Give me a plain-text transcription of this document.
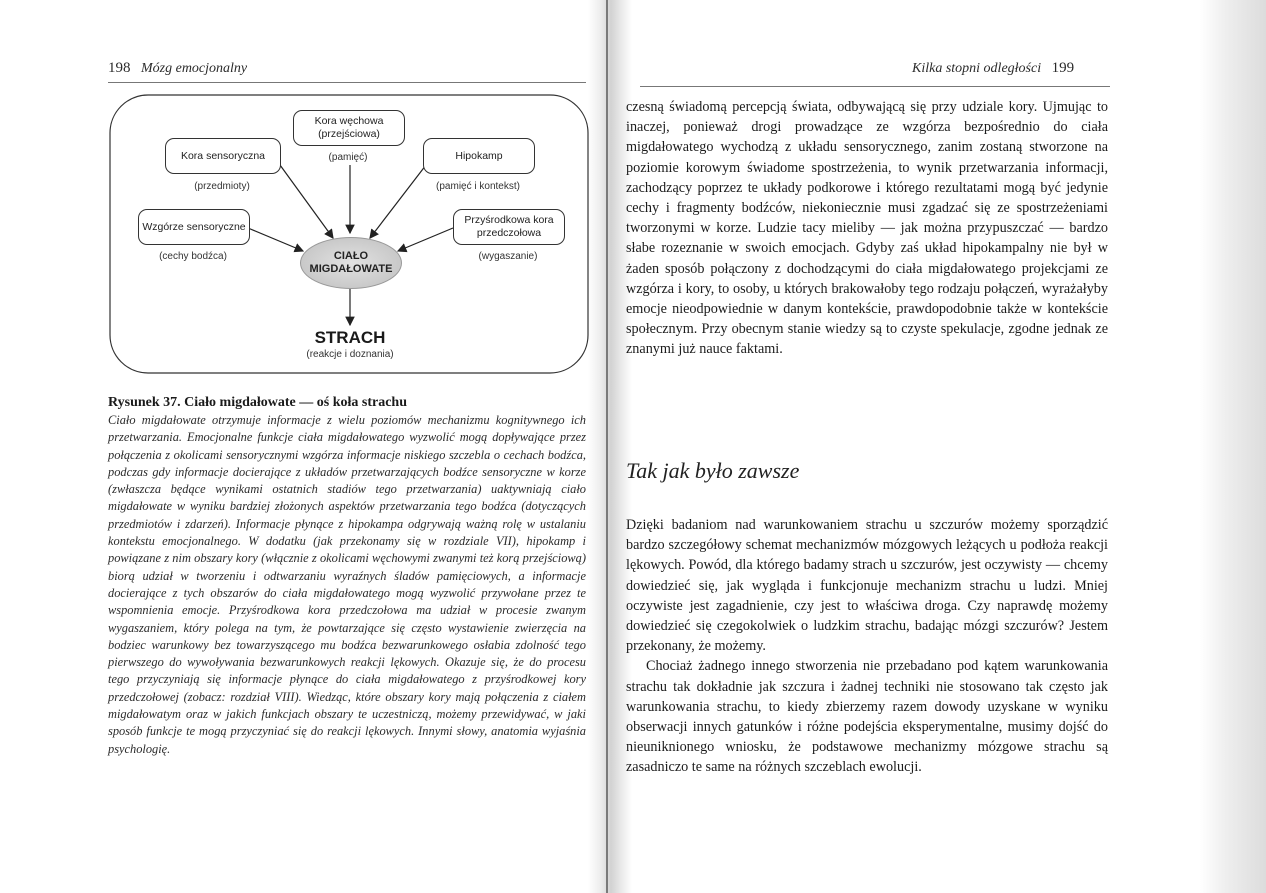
198 Mózg emocjonalny	Kilka stopni odległości 199
Kora węchowa (przejściowa)
(pamięć)
Kora sensoryczna
(przedmioty)
Hipokamp
(pamięć i kontekst)
Wzgórze sensoryczne
(cechy bodźca)
Przyśrodkowa kora przedczołowa
(wygaszanie)
CIAŁO MIGDAŁOWATE
STRACH
(reakcje i doznania)
Rysunek 37. Ciało migdałowate — oś koła strachu
Ciało migdałowate otrzymuje informacje z wielu poziomów mechanizmu kognitywnego ich przetwarzania. Emocjonalne funkcje ciała migdałowatego wyzwolić mogą dopływające przez połączenia z okolicami sensorycznymi wzgórza informacje niskiego szczebla o cechach bodźca, podczas gdy informacje docierające z układów przetwarzających bodźce sensoryczne w korze (zwłaszcza będące wynikami ostatnich stadiów tego przetwarzania) uaktywniają ciało migdałowate w wyniku bardziej złożonych aspektów przetwarzania tego bodźca (dotyczących przedmiotów i zdarzeń). Informacje płynące z hipokampa odgrywają ważną rolę w ustalaniu kontekstu emocjonalnego. W dodatku (jak przekonamy się w rozdziale VII), hipokamp i powiązane z nim obszary kory (włącznie z okolicami węchowymi zwanymi też korą przejściową) biorą udział w tworzeniu i odtwarzaniu wyraźnych śladów pamięciowych, a informacje docierające z tych obszarów do ciała migdałowatego mogą wyzwolić przywołane przez te wspomnienia emocje. Przyśrodkowa kora przedczołowa ma udział w procesie zwanym wygaszaniem, który polega na tym, że powtarzające się często wystawienie zwierzęcia na bodziec warunkowy bez towarzyszącego mu bodźca bezwarunkowego osłabia zdolność tego pierwszego do wywoływania bezwarunkowych reakcji lękowych. Okazuje się, że do procesu tego przyczyniają się informacje płynące do ciała migdałowatego z przyśrodkowej kory przedczołowej (zobacz: rozdział VIII). Wiedząc, które obszary kory mają połączenia z ciałem migdałowatym oraz w jakich funkcjach obszary te uczestniczą, możemy przewidywać, w jaki sposób funkcje te mogą przyczyniać się do reakcji lękowych. Innymi słowy, anatomia wyjaśnia psychologię.

czesną świadomą percepcją świata, odbywającą się przy udziale kory. Ujmując to inaczej, ponieważ drogi prowadzące ze wzgórza bezpośrednio do ciała migdałowatego wychodzą z układu sensorycznego, zanim zostaną stworzone na poziomie korowym świadome spostrzeżenia, to wynik przetwarzania informacji, zachodzący poprzez te układy podkorowe i którego rezultatami mogą być jedynie cechy i fragmenty bodźców, niekoniecznie musi zgadzać się ze spostrzeżeniami tworzonymi w korze. Ludzie tacy mieliby — jak można przypuszczać — bardzo słabe rozeznanie w swoich emocjach. Gdyby zaś układ hipokampalny nie był w żaden sposób połączony z dochodzącymi do ciała migdałowatego projekcjami ze wzgórza i kory, to osoby, u których brakowałoby tego rodzaju połączeń, wyrażałyby emocje nieodpowiednie w danym kontekście, prawdopodobnie także w kontekście społecznym. Przy obecnym stanie wiedzy są to czyste spekulacje, zgodne jednak ze znanymi już nauce faktami.

Tak jak było zawsze

Dzięki badaniom nad warunkowaniem strachu u szczurów możemy sporządzić bardzo szczegółowy schemat mechanizmów mózgowych leżących u podłoża reakcji lękowych. Powód, dla którego badamy strach u szczurów, jest oczywisty — chcemy dowiedzieć się, jak wygląda i funkcjonuje mechanizm strachu u ludzi. Mniej oczywiste jest zagadnienie, czy jest to właściwa droga. Czy naprawdę możemy dowiedzieć się czegokolwiek o ludzkim strachu, badając mózgi szczurów? Jestem przekonany, że możemy.

Chociaż żadnego innego stworzenia nie przebadano pod kątem warunkowania strachu tak dokładnie jak szczura i żadnej techniki nie stosowano tak często jak warunkowania strachu, to kiedy zbierzemy razem dowody uzyskane w wyniku obserwacji innych gatunków i różne podejścia eksperymentalne, musimy dojść do nieuniknionego wniosku, że podstawowe mechanizmy mózgowe strachu są zasadniczo te same na różnych szczeblach ewolucji.
